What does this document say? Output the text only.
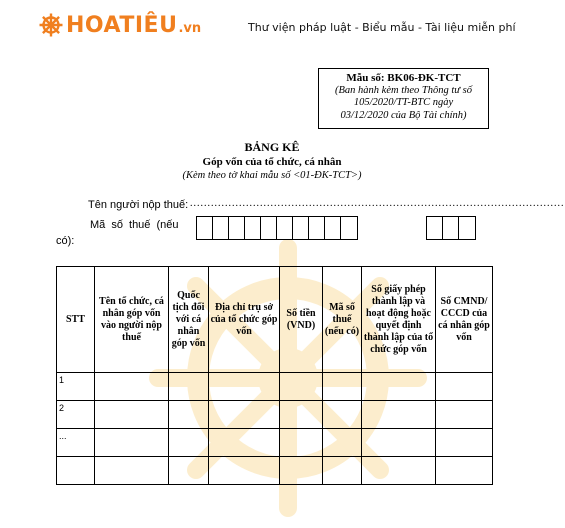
HOATIÊU .vn	Thư viện pháp luật - Biểu mẫu - Tài liệu miễn phí
Mẫu số: BK06-ĐK-TCT
(Ban hành kèm theo Thông tư số
105/2020/TT-BTC ngày
03/12/2020 của Bộ Tài chính)
BẢNG KÊ
Góp vốn của tổ chức, cá nhân
(Kèm theo tờ khai mẫu số <01-ĐK-TCT>)
Tên người nộp thuế: ...........................................................................................................
Mã số thuế (nếu
có):
STT	Tên tổ chức, cá nhân góp vốn vào người nộp thuế	Quốc tịch đối với cá nhân góp vốn	Địa chỉ trụ sở của tổ chức góp vốn	Số tiền (VND)	Mã số thuế (nếu có)	Số giấy phép thành lập và hoạt động hoặc quyết định thành lập của tổ chức góp vốn	Số CMND/ CCCD của cá nhân góp vốn
1							
2							
...							
